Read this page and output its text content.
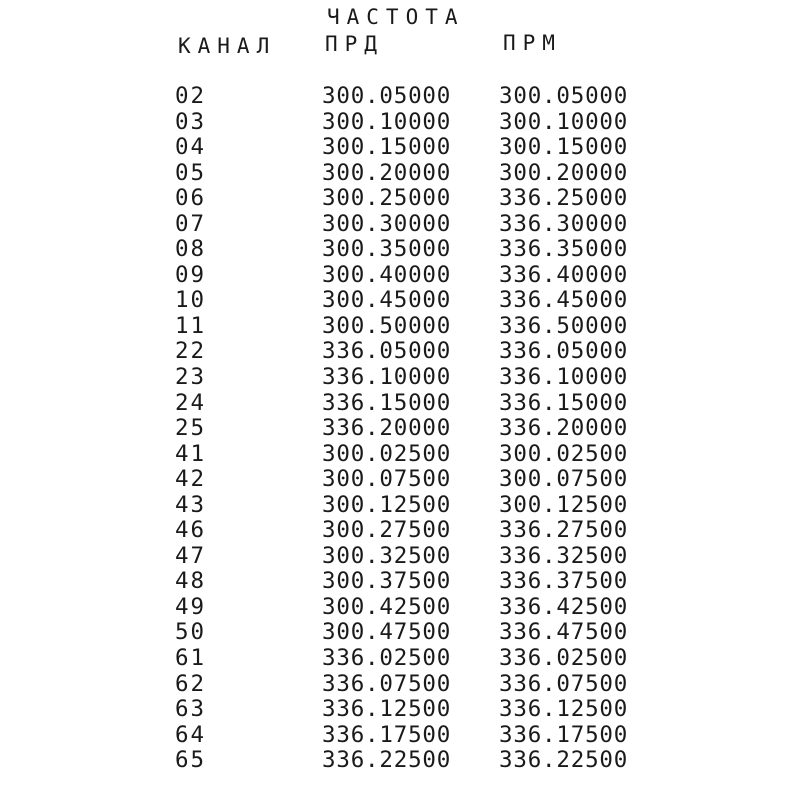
ЧАСТОТА
КАНАЛ ПРД	ПРМ
02	300.05000 300.05000
03	300.10000 300.10000
04	300.15000 300.15000
05	300.20000 300.20000
06	300.25000 336.25000
07	300.30000 336.30000
08	300.35000 336.35000
09	300.40000 336.40000
10	300.45000 336.45000
11	300.50000 336.50000
22	336.05000 336.05000
23	336.10000 336.10000
24	336.15000 336.15000
25	336.20000 336.20000
41	300.02500 300.02500
42	300.07500 300.07500
43	300.12500 300.12500
46	300.27500 336.27500
47	300.32500 336.32500
48	300.37500 336.37500
49	300.42500 336.42500
50	300.47500 336.47500
61	336.02500 336.02500
62	336.07500 336.07500
63	336.12500 336.12500
64	336.17500 336.17500
65	336.22500 336.22500
